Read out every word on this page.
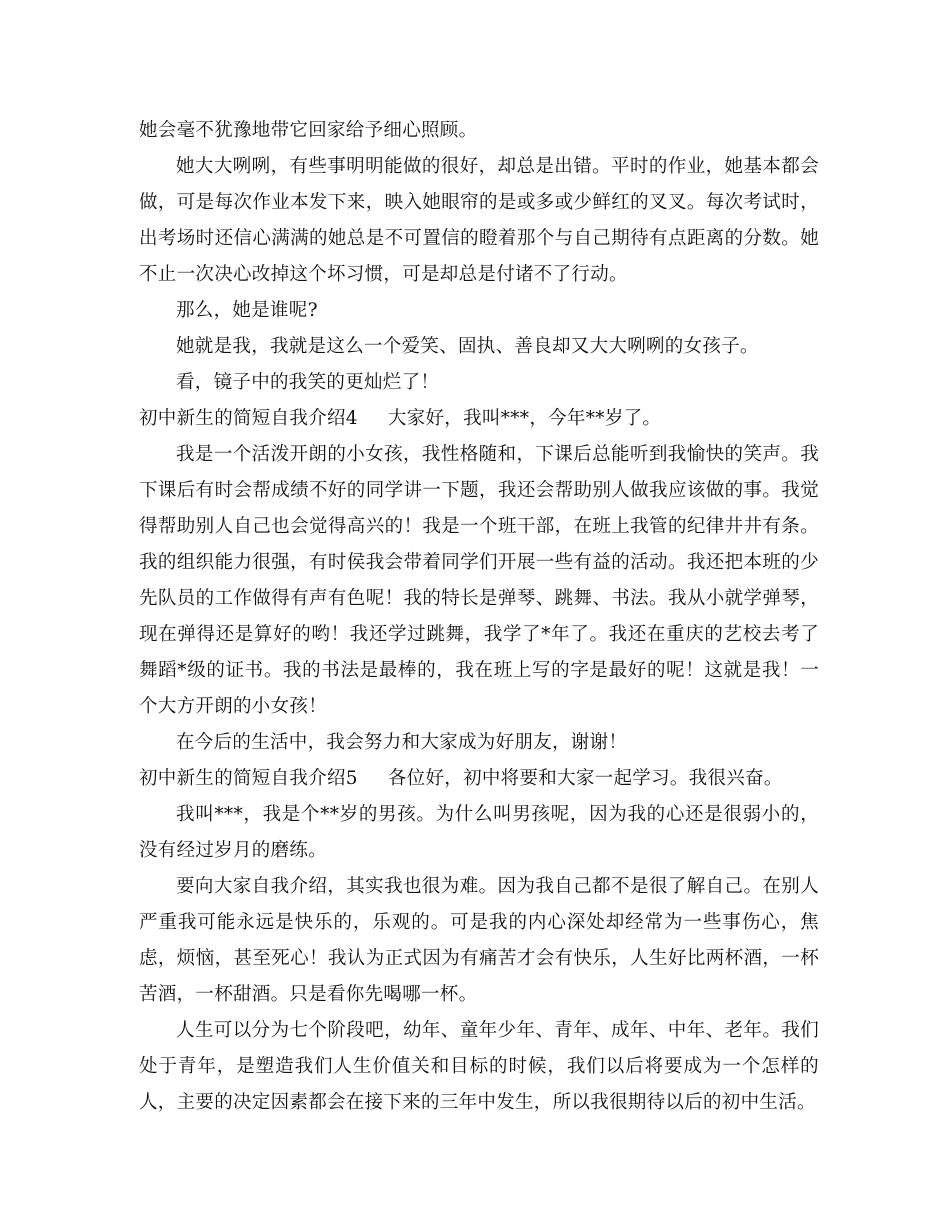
她会毫不犹豫地带它回家给予细心照顾。

她大大咧咧，有些事明明能做的很好，却总是出错。平时的作业，她基本都会做，可是每次作业本发下来，映入她眼帘的是或多或少鲜红的叉叉。每次考试时，出考场时还信心满满的她总是不可置信的瞪着那个与自己期待有点距离的分数。她不止一次决心改掉这个坏习惯，可是却总是付诸不了行动。

那么，她是谁呢?

她就是我，我就是这么一个爱笑、固执、善良却又大大咧咧的女孩子。

看，镜子中的我笑的更灿烂了！

初中新生的简短自我介绍4 大家好，我叫***，今年**岁了。

我是一个活泼开朗的小女孩，我性格随和，下课后总能听到我愉快的笑声。我下课后有时会帮成绩不好的同学讲一下题，我还会帮助别人做我应该做的事。我觉得帮助别人自己也会觉得高兴的！我是一个班干部，在班上我管的纪律井井有条。我的组织能力很强，有时侯我会带着同学们开展一些有益的活动。我还把本班的少先队员的工作做得有声有色呢！我的特长是弹琴、跳舞、书法。我从小就学弹琴，现在弹得还是算好的哟！我还学过跳舞，我学了*年了。我还在重庆的艺校去考了舞蹈*级的证书。我的书法是最棒的，我在班上写的字是最好的呢！这就是我！一个大方开朗的小女孩！

在今后的生活中，我会努力和大家成为好朋友，谢谢！

初中新生的简短自我介绍5 各位好，初中将要和大家一起学习。我很兴奋。

我叫***，我是个**岁的男孩。为什么叫男孩呢，因为我的心还是很弱小的，没有经过岁月的磨练。

要向大家自我介绍，其实我也很为难。因为我自己都不是很了解自己。在别人严重我可能永远是快乐的，乐观的。可是我的内心深处却经常为一些事伤心，焦虑，烦恼，甚至死心！我认为正式因为有痛苦才会有快乐，人生好比两杯酒，一杯苦酒，一杯甜酒。只是看你先喝哪一杯。

人生可以分为七个阶段吧，幼年、童年少年、青年、成年、中年、老年。我们处于青年，是塑造我们人生价值关和目标的时候，我们以后将要成为一个怎样的人，主要的决定因素都会在接下来的三年中发生，所以我很期待以后的初中生活。
